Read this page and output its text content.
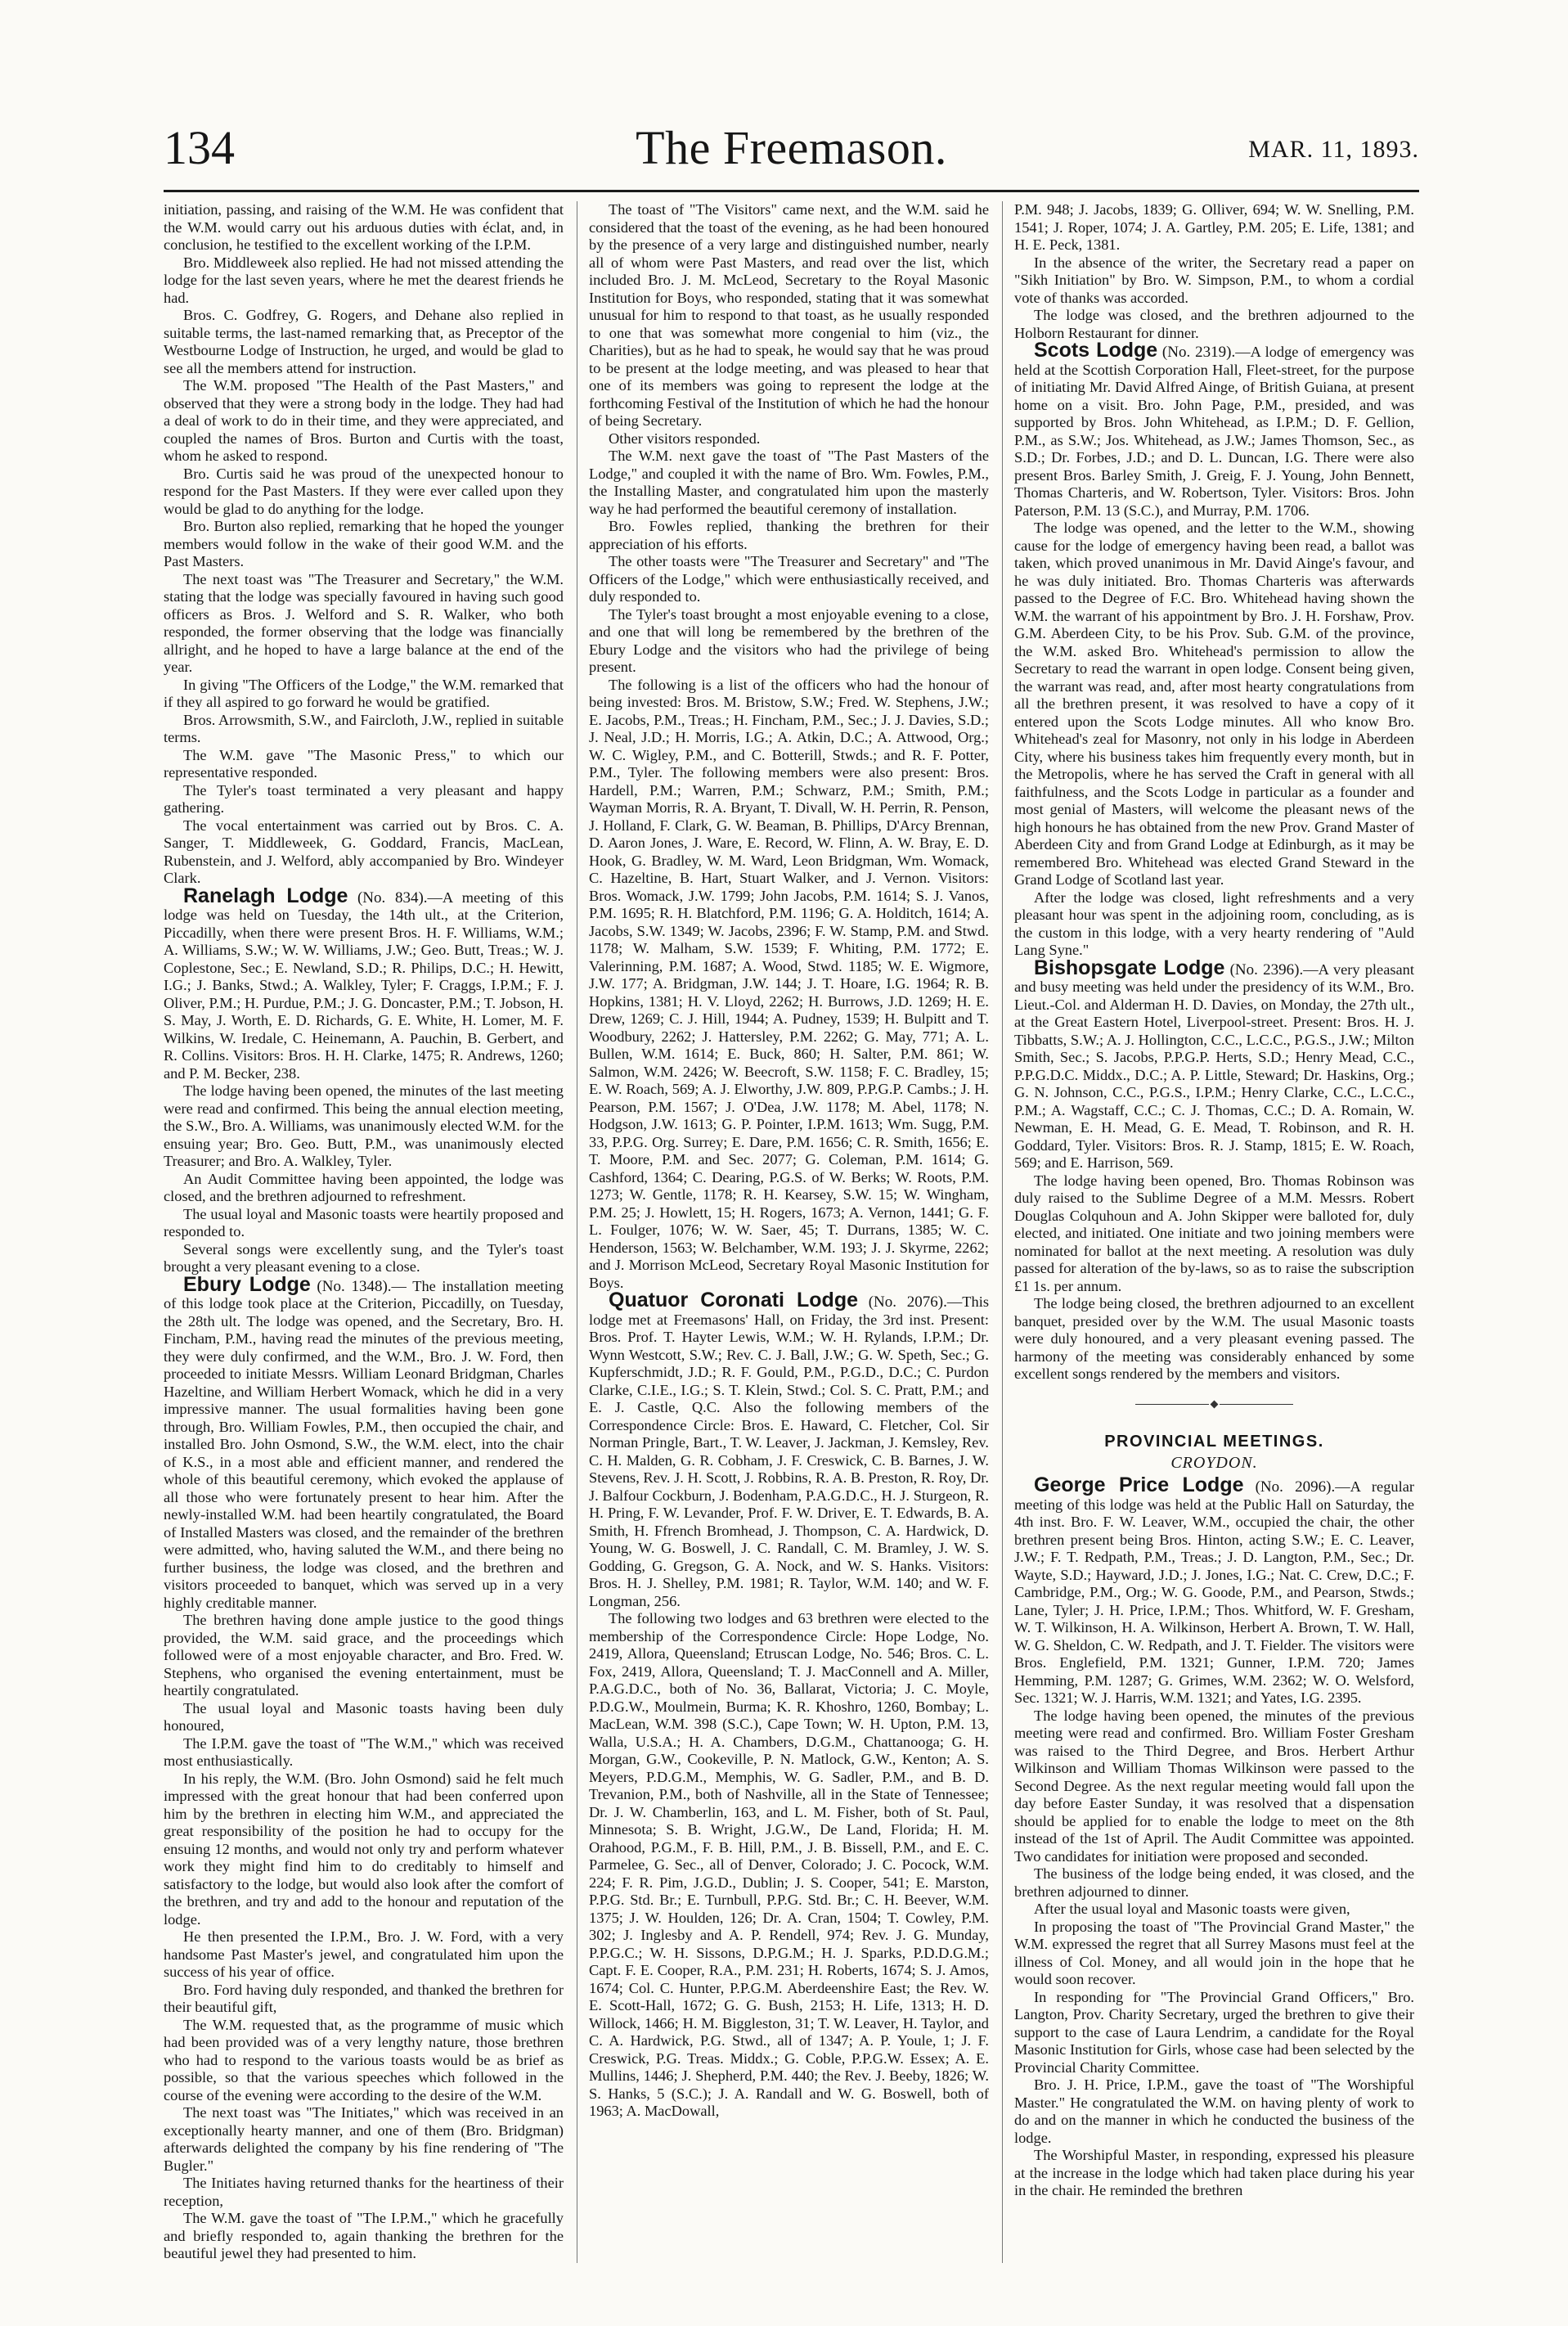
134	The Freemason.	MAR. 11, 1893.

initiation, passing, and raising of the W.M. He was confident that the W.M. would carry out his arduous duties with éclat, and, in conclusion, he testified to the excellent working of the I.P.M.

Bro. Middleweek also replied. He had not missed attending the lodge for the last seven years, where he met the dearest friends he had.

Bros. C. Godfrey, G. Rogers, and Dehane also replied in suitable terms, the last-named remarking that, as Preceptor of the Westbourne Lodge of Instruction, he urged, and would be glad to see all the members attend for instruction.

The W.M. proposed "The Health of the Past Masters," and observed that they were a strong body in the lodge. They had had a deal of work to do in their time, and they were appreciated, and coupled the names of Bros. Burton and Curtis with the toast, whom he asked to respond.

Bro. Curtis said he was proud of the unexpected honour to respond for the Past Masters. If they were ever called upon they would be glad to do anything for the lodge.

Bro. Burton also replied, remarking that he hoped the younger members would follow in the wake of their good W.M. and the Past Masters.

The next toast was "The Treasurer and Secretary," the W.M. stating that the lodge was specially favoured in having such good officers as Bros. J. Welford and S. R. Walker, who both responded, the former observing that the lodge was financially allright, and he hoped to have a large balance at the end of the year.

In giving "The Officers of the Lodge," the W.M. remarked that if they all aspired to go forward he would be gratified.

Bros. Arrowsmith, S.W., and Faircloth, J.W., replied in suitable terms.

The W.M. gave "The Masonic Press," to which our representative responded.

The Tyler's toast terminated a very pleasant and happy gathering.

The vocal entertainment was carried out by Bros. C. A. Sanger, T. Middleweek, G. Goddard, Francis, MacLean, Rubenstein, and J. Welford, ably accompanied by Bro. Windeyer Clark.

Ranelagh Lodge (No. 834).—A meeting of this lodge was held on Tuesday, the 14th ult., at the Criterion, Piccadilly, when there were present Bros. H. F. Williams, W.M.; A. Williams, S.W.; W. W. Williams, J.W.; Geo. Butt, Treas.; W. J. Coplestone, Sec.; E. Newland, S.D.; R. Philips, D.C.; H. Hewitt, I.G.; J. Banks, Stwd.; A. Walkley, Tyler; F. Craggs, I.P.M.; F. J. Oliver, P.M.; H. Purdue, P.M.; J. G. Doncaster, P.M.; T. Jobson, H. S. May, J. Worth, E. D. Richards, G. E. White, H. Lomer, M. F. Wilkins, W. Iredale, C. Heinemann, A. Pauchin, B. Gerbert, and R. Collins. Visitors: Bros. H. H. Clarke, 1475; R. Andrews, 1260; and P. M. Becker, 238.

The lodge having been opened, the minutes of the last meeting were read and confirmed. This being the annual election meeting, the S.W., Bro. A. Williams, was unanimously elected W.M. for the ensuing year; Bro. Geo. Butt, P.M., was unanimously elected Treasurer; and Bro. A. Walkley, Tyler.

An Audit Committee having been appointed, the lodge was closed, and the brethren adjourned to refreshment.

The usual loyal and Masonic toasts were heartily proposed and responded to.

Several songs were excellently sung, and the Tyler's toast brought a very pleasant evening to a close.

Ebury Lodge (No. 1348).— The installation meeting of this lodge took place at the Criterion, Piccadilly, on Tuesday, the 28th ult. The lodge was opened, and the Secretary, Bro. H. Fincham, P.M., having read the minutes of the previous meeting, they were duly confirmed, and the W.M., Bro. J. W. Ford, then proceeded to initiate Messrs. William Leonard Bridgman, Charles Hazeltine, and William Herbert Womack, which he did in a very impressive manner. The usual formalities having been gone through, Bro. William Fowles, P.M., then occupied the chair, and installed Bro. John Osmond, S.W., the W.M. elect, into the chair of K.S., in a most able and efficient manner, and rendered the whole of this beautiful ceremony, which evoked the applause of all those who were fortunately present to hear him. After the newly-installed W.M. had been heartily congratulated, the Board of Installed Masters was closed, and the remainder of the brethren were admitted, who, having saluted the W.M., and there being no further business, the lodge was closed, and the brethren and visitors proceeded to banquet, which was served up in a very highly creditable manner.

The brethren having done ample justice to the good things provided, the W.M. said grace, and the proceedings which followed were of a most enjoyable character, and Bro. Fred. W. Stephens, who organised the evening entertainment, must be heartily congratulated.

The usual loyal and Masonic toasts having been duly honoured,

The I.P.M. gave the toast of "The W.M.," which was received most enthusiastically.

In his reply, the W.M. (Bro. John Osmond) said he felt much impressed with the great honour that had been conferred upon him by the brethren in electing him W.M., and appreciated the great responsibility of the position he had to occupy for the ensuing 12 months, and would not only try and perform whatever work they might find him to do creditably to himself and satisfactory to the lodge, but would also look after the comfort of the brethren, and try and add to the honour and reputation of the lodge.

He then presented the I.P.M., Bro. J. W. Ford, with a very handsome Past Master's jewel, and congratulated him upon the success of his year of office.

Bro. Ford having duly responded, and thanked the brethren for their beautiful gift,

The W.M. requested that, as the programme of music which had been provided was of a very lengthy nature, those brethren who had to respond to the various toasts would be as brief as possible, so that the various speeches which followed in the course of the evening were according to the desire of the W.M.

The next toast was "The Initiates," which was received in an exceptionally hearty manner, and one of them (Bro. Bridgman) afterwards delighted the company by his fine rendering of "The Bugler."

The Initiates having returned thanks for the heartiness of their reception,

The W.M. gave the toast of "The I.P.M.," which he gracefully and briefly responded to, again thanking the brethren for the beautiful jewel they had presented to him.

The toast of "The Visitors" came next, and the W.M. said he considered that the toast of the evening, as he had been honoured by the presence of a very large and distinguished number, nearly all of whom were Past Masters, and read over the list, which included Bro. J. M. McLeod, Secretary to the Royal Masonic Institution for Boys, who responded, stating that it was somewhat unusual for him to respond to that toast, as he usually responded to one that was somewhat more congenial to him (viz., the Charities), but as he had to speak, he would say that he was proud to be present at the lodge meeting, and was pleased to hear that one of its members was going to represent the lodge at the forthcoming Festival of the Institution of which he had the honour of being Secretary.

Other visitors responded.

The W.M. next gave the toast of "The Past Masters of the Lodge," and coupled it with the name of Bro. Wm. Fowles, P.M., the Installing Master, and congratulated him upon the masterly way he had performed the beautiful ceremony of installation.

Bro. Fowles replied, thanking the brethren for their appreciation of his efforts.

The other toasts were "The Treasurer and Secretary" and "The Officers of the Lodge," which were enthusiastically received, and duly responded to.

The Tyler's toast brought a most enjoyable evening to a close, and one that will long be remembered by the brethren of the Ebury Lodge and the visitors who had the privilege of being present.

The following is a list of the officers who had the honour of being invested: Bros. M. Bristow, S.W.; Fred. W. Stephens, J.W.; E. Jacobs, P.M., Treas.; H. Fincham, P.M., Sec.; J. J. Davies, S.D.; J. Neal, J.D.; H. Morris, I.G.; A. Atkin, D.C.; A. Attwood, Org.; W. C. Wigley, P.M., and C. Botterill, Stwds.; and R. F. Potter, P.M., Tyler. The following members were also present: Bros. Hardell, P.M.; Warren, P.M.; Schwarz, P.M.; Smith, P.M.; Wayman Morris, R. A. Bryant, T. Divall, W. H. Perrin, R. Penson, J. Holland, F. Clark, G. W. Beaman, B. Phillips, D'Arcy Brennan, D. Aaron Jones, J. Ware, E. Record, W. Flinn, A. W. Bray, E. D. Hook, G. Bradley, W. M. Ward, Leon Bridgman, Wm. Womack, C. Hazeltine, B. Hart, Stuart Walker, and J. Vernon. Visitors: Bros. Womack, J.W. 1799; John Jacobs, P.M. 1614; S. J. Vanos, P.M. 1695; R. H. Blatchford, P.M. 1196; G. A. Holditch, 1614; A. Jacobs, S.W. 1349; W. Jacobs, 2396; F. W. Stamp, P.M. and Stwd. 1178; W. Malham, S.W. 1539; F. Whiting, P.M. 1772; E. Valerinning, P.M. 1687; A. Wood, Stwd. 1185; W. E. Wigmore, J.W. 177; A. Bridgman, J.W. 144; J. T. Hoare, I.G. 1964; R. B. Hopkins, 1381; H. V. Lloyd, 2262; H. Burrows, J.D. 1269; H. E. Drew, 1269; C. J. Hill, 1944; A. Pudney, 1539; H. Bulpitt and T. Woodbury, 2262; J. Hattersley, P.M. 2262; G. May, 771; A. L. Bullen, W.M. 1614; E. Buck, 860; H. Salter, P.M. 861; W. Salmon, W.M. 2426; W. Beecroft, S.W. 1158; F. C. Bradley, 15; E. W. Roach, 569; A. J. Elworthy, J.W. 809, P.P.G.P. Cambs.; J. H. Pearson, P.M. 1567; J. O'Dea, J.W. 1178; M. Abel, 1178; N. Hodgson, J.W. 1613; G. P. Pointer, I.P.M. 1613; Wm. Sugg, P.M. 33, P.P.G. Org. Surrey; E. Dare, P.M. 1656; C. R. Smith, 1656; E. T. Moore, P.M. and Sec. 2077; G. Coleman, P.M. 1614; G. Cashford, 1364; C. Dearing, P.G.S. of W. Berks; W. Roots, P.M. 1273; W. Gentle, 1178; R. H. Kearsey, S.W. 15; W. Wingham, P.M. 25; J. Howlett, 15; H. Rogers, 1673; A. Vernon, 1441; G. F. L. Foulger, 1076; W. W. Saer, 45; T. Durrans, 1385; W. C. Henderson, 1563; W. Belchamber, W.M. 193; J. J. Skyrme, 2262; and J. Morrison McLeod, Secretary Royal Masonic Institution for Boys.

Quatuor Coronati Lodge (No. 2076).—This lodge met at Freemasons' Hall, on Friday, the 3rd inst. Present: Bros. Prof. T. Hayter Lewis, W.M.; W. H. Rylands, I.P.M.; Dr. Wynn Westcott, S.W.; Rev. C. J. Ball, J.W.; G. W. Speth, Sec.; G. Kupferschmidt, J.D.; R. F. Gould, P.M., P.G.D., D.C.; C. Purdon Clarke, C.I.E., I.G.; S. T. Klein, Stwd.; Col. S. C. Pratt, P.M.; and E. J. Castle, Q.C. Also the following members of the Correspondence Circle: Bros. E. Haward, C. Fletcher, Col. Sir Norman Pringle, Bart., T. W. Leaver, J. Jackman, J. Kemsley, Rev. C. H. Malden, G. R. Cobham, J. F. Creswick, C. B. Barnes, J. W. Stevens, Rev. J. H. Scott, J. Robbins, R. A. B. Preston, R. Roy, Dr. J. Balfour Cockburn, J. Bodenham, P.A.G.D.C., H. J. Sturgeon, R. H. Pring, F. W. Levander, Prof. F. W. Driver, E. T. Edwards, B. A. Smith, H. Ffrench Bromhead, J. Thompson, C. A. Hardwick, D. Young, W. G. Boswell, J. C. Randall, C. M. Bramley, J. W. S. Godding, G. Gregson, G. A. Nock, and W. S. Hanks. Visitors: Bros. H. J. Shelley, P.M. 1981; R. Taylor, W.M. 140; and W. F. Longman, 256.

The following two lodges and 63 brethren were elected to the membership of the Correspondence Circle: Hope Lodge, No. 2419, Allora, Queensland; Etruscan Lodge, No. 546; Bros. C. L. Fox, 2419, Allora, Queensland; T. J. MacConnell and A. Miller, P.A.G.D.C., both of No. 36, Ballarat, Victoria; J. C. Moyle, P.D.G.W., Moulmein, Burma; K. R. Khoshro, 1260, Bombay; L. MacLean, W.M. 398 (S.C.), Cape Town; W. H. Upton, P.M. 13, Walla, U.S.A.; H. A. Chambers, D.G.M., Chattanooga; G. H. Morgan, G.W., Cookeville, P. N. Matlock, G.W., Kenton; A. S. Meyers, P.D.G.M., Memphis, W. G. Sadler, P.M., and B. D. Trevanion, P.M., both of Nashville, all in the State of Tennessee; Dr. J. W. Chamberlin, 163, and L. M. Fisher, both of St. Paul, Minnesota; S. B. Wright, J.G.W., De Land, Florida; H. M. Orahood, P.G.M., F. B. Hill, P.M., J. B. Bissell, P.M., and E. C. Parmelee, G. Sec., all of Denver, Colorado; J. C. Pocock, W.M. 224; F. R. Pim, J.G.D., Dublin; J. S. Cooper, 541; E. Marston, P.P.G. Std. Br.; E. Turnbull, P.P.G. Std. Br.; C. H. Beever, W.M. 1375; J. W. Houlden, 126; Dr. A. Cran, 1504; T. Cowley, P.M. 302; J. Inglesby and A. P. Rendell, 974; Rev. J. G. Munday, P.P.G.C.; W. H. Sissons, D.P.G.M.; H. J. Sparks, P.D.D.G.M.; Capt. F. E. Cooper, R.A., P.M. 231; H. Roberts, 1674; S. J. Amos, 1674; Col. C. Hunter, P.P.G.M. Aberdeenshire East; the Rev. W. E. Scott-Hall, 1672; G. G. Bush, 2153; H. Life, 1313; H. D. Willock, 1466; H. M. Biggleston, 31; T. W. Leaver, H. Taylor, and C. A. Hardwick, P.G. Stwd., all of 1347; A. P. Youle, 1; J. F. Creswick, P.G. Treas. Middx.; G. Coble, P.P.G.W. Essex; A. E. Mullins, 1446; J. Shepherd, P.M. 440; the Rev. J. Beeby, 1826; W. S. Hanks, 5 (S.C.); J. A. Randall and W. G. Boswell, both of 1963; A. MacDowall,

P.M. 948; J. Jacobs, 1839; G. Olliver, 694; W. W. Snelling, P.M. 1541; J. Roper, 1074; J. A. Gartley, P.M. 205; E. Life, 1381; and H. E. Peck, 1381.

In the absence of the writer, the Secretary read a paper on "Sikh Initiation" by Bro. W. Simpson, P.M., to whom a cordial vote of thanks was accorded.

The lodge was closed, and the brethren adjourned to the Holborn Restaurant for dinner.

Scots Lodge (No. 2319).—A lodge of emergency was held at the Scottish Corporation Hall, Fleet-street, for the purpose of initiating Mr. David Alfred Ainge, of British Guiana, at present home on a visit. Bro. John Page, P.M., presided, and was supported by Bros. John Whitehead, as I.P.M.; D. F. Gellion, P.M., as S.W.; Jos. Whitehead, as J.W.; James Thomson, Sec., as S.D.; Dr. Forbes, J.D.; and D. L. Duncan, I.G. There were also present Bros. Barley Smith, J. Greig, F. J. Young, John Bennett, Thomas Charteris, and W. Robertson, Tyler. Visitors: Bros. John Paterson, P.M. 13 (S.C.), and Murray, P.M. 1706.

The lodge was opened, and the letter to the W.M., showing cause for the lodge of emergency having been read, a ballot was taken, which proved unanimous in Mr. David Ainge's favour, and he was duly initiated. Bro. Thomas Charteris was afterwards passed to the Degree of F.C. Bro. Whitehead having shown the W.M. the warrant of his appointment by Bro. J. H. Forshaw, Prov. G.M. Aberdeen City, to be his Prov. Sub. G.M. of the province, the W.M. asked Bro. Whitehead's permission to allow the Secretary to read the warrant in open lodge. Consent being given, the warrant was read, and, after most hearty congratulations from all the brethren present, it was resolved to have a copy of it entered upon the Scots Lodge minutes. All who know Bro. Whitehead's zeal for Masonry, not only in his lodge in Aberdeen City, where his business takes him frequently every month, but in the Metropolis, where he has served the Craft in general with all faithfulness, and the Scots Lodge in particular as a founder and most genial of Masters, will welcome the pleasant news of the high honours he has obtained from the new Prov. Grand Master of Aberdeen City and from Grand Lodge at Edinburgh, as it may be remembered Bro. Whitehead was elected Grand Steward in the Grand Lodge of Scotland last year.

After the lodge was closed, light refreshments and a very pleasant hour was spent in the adjoining room, concluding, as is the custom in this lodge, with a very hearty rendering of "Auld Lang Syne."

Bishopsgate Lodge (No. 2396).—A very pleasant and busy meeting was held under the presidency of its W.M., Bro. Lieut.-Col. and Alderman H. D. Davies, on Monday, the 27th ult., at the Great Eastern Hotel, Liverpool-street. Present: Bros. H. J. Tibbatts, S.W.; A. J. Hollington, C.C., L.C.C., P.G.S., J.W.; Milton Smith, Sec.; S. Jacobs, P.P.G.P. Herts, S.D.; Henry Mead, C.C., P.P.G.D.C. Middx., D.C.; A. P. Little, Steward; Dr. Haskins, Org.; G. N. Johnson, C.C., P.G.S., I.P.M.; Henry Clarke, C.C., L.C.C., P.M.; A. Wagstaff, C.C.; C. J. Thomas, C.C.; D. A. Romain, W. Newman, E. H. Mead, G. E. Mead, T. Robinson, and R. H. Goddard, Tyler. Visitors: Bros. R. J. Stamp, 1815; E. W. Roach, 569; and E. Harrison, 569.

The lodge having been opened, Bro. Thomas Robinson was duly raised to the Sublime Degree of a M.M. Messrs. Robert Douglas Colquhoun and A. John Skipper were balloted for, duly elected, and initiated. One initiate and two joining members were nominated for ballot at the next meeting. A resolution was duly passed for alteration of the by-laws, so as to raise the subscription £1 1s. per annum.

The lodge being closed, the brethren adjourned to an excellent banquet, presided over by the W.M. The usual Masonic toasts were duly honoured, and a very pleasant evening passed. The harmony of the meeting was considerably enhanced by some excellent songs rendered by the members and visitors.

PROVINCIAL MEETINGS.
CROYDON.

George Price Lodge (No. 2096).—A regular meeting of this lodge was held at the Public Hall on Saturday, the 4th inst. Bro. F. W. Leaver, W.M., occupied the chair, the other brethren present being Bros. Hinton, acting S.W.; E. C. Leaver, J.W.; F. T. Redpath, P.M., Treas.; J. D. Langton, P.M., Sec.; Dr. Wayte, S.D.; Hayward, J.D.; J. Jones, I.G.; Nat. C. Crew, D.C.; F. Cambridge, P.M., Org.; W. G. Goode, P.M., and Pearson, Stwds.; Lane, Tyler; J. H. Price, I.P.M.; Thos. Whitford, W. F. Gresham, W. T. Wilkinson, H. A. Wilkinson, Herbert A. Brown, T. W. Hall, W. G. Sheldon, C. W. Redpath, and J. T. Fielder. The visitors were Bros. Englefield, P.M. 1321; Gunner, I.P.M. 720; James Hemming, P.M. 1287; G. Grimes, W.M. 2362; W. O. Welsford, Sec. 1321; W. J. Harris, W.M. 1321; and Yates, I.G. 2395.

The lodge having been opened, the minutes of the previous meeting were read and confirmed. Bro. William Foster Gresham was raised to the Third Degree, and Bros. Herbert Arthur Wilkinson and William Thomas Wilkinson were passed to the Second Degree. As the next regular meeting would fall upon the day before Easter Sunday, it was resolved that a dispensation should be applied for to enable the lodge to meet on the 8th instead of the 1st of April. The Audit Committee was appointed. Two candidates for initiation were proposed and seconded.

The business of the lodge being ended, it was closed, and the brethren adjourned to dinner.

After the usual loyal and Masonic toasts were given,

In proposing the toast of "The Provincial Grand Master," the W.M. expressed the regret that all Surrey Masons must feel at the illness of Col. Money, and all would join in the hope that he would soon recover.

In responding for "The Provincial Grand Officers," Bro. Langton, Prov. Charity Secretary, urged the brethren to give their support to the case of Laura Lendrim, a candidate for the Royal Masonic Institution for Girls, whose case had been selected by the Provincial Charity Committee.

Bro. J. H. Price, I.P.M., gave the toast of "The Worshipful Master." He congratulated the W.M. on having plenty of work to do and on the manner in which he conducted the business of the lodge.

The Worshipful Master, in responding, expressed his pleasure at the increase in the lodge which had taken place during his year in the chair. He reminded the brethren
